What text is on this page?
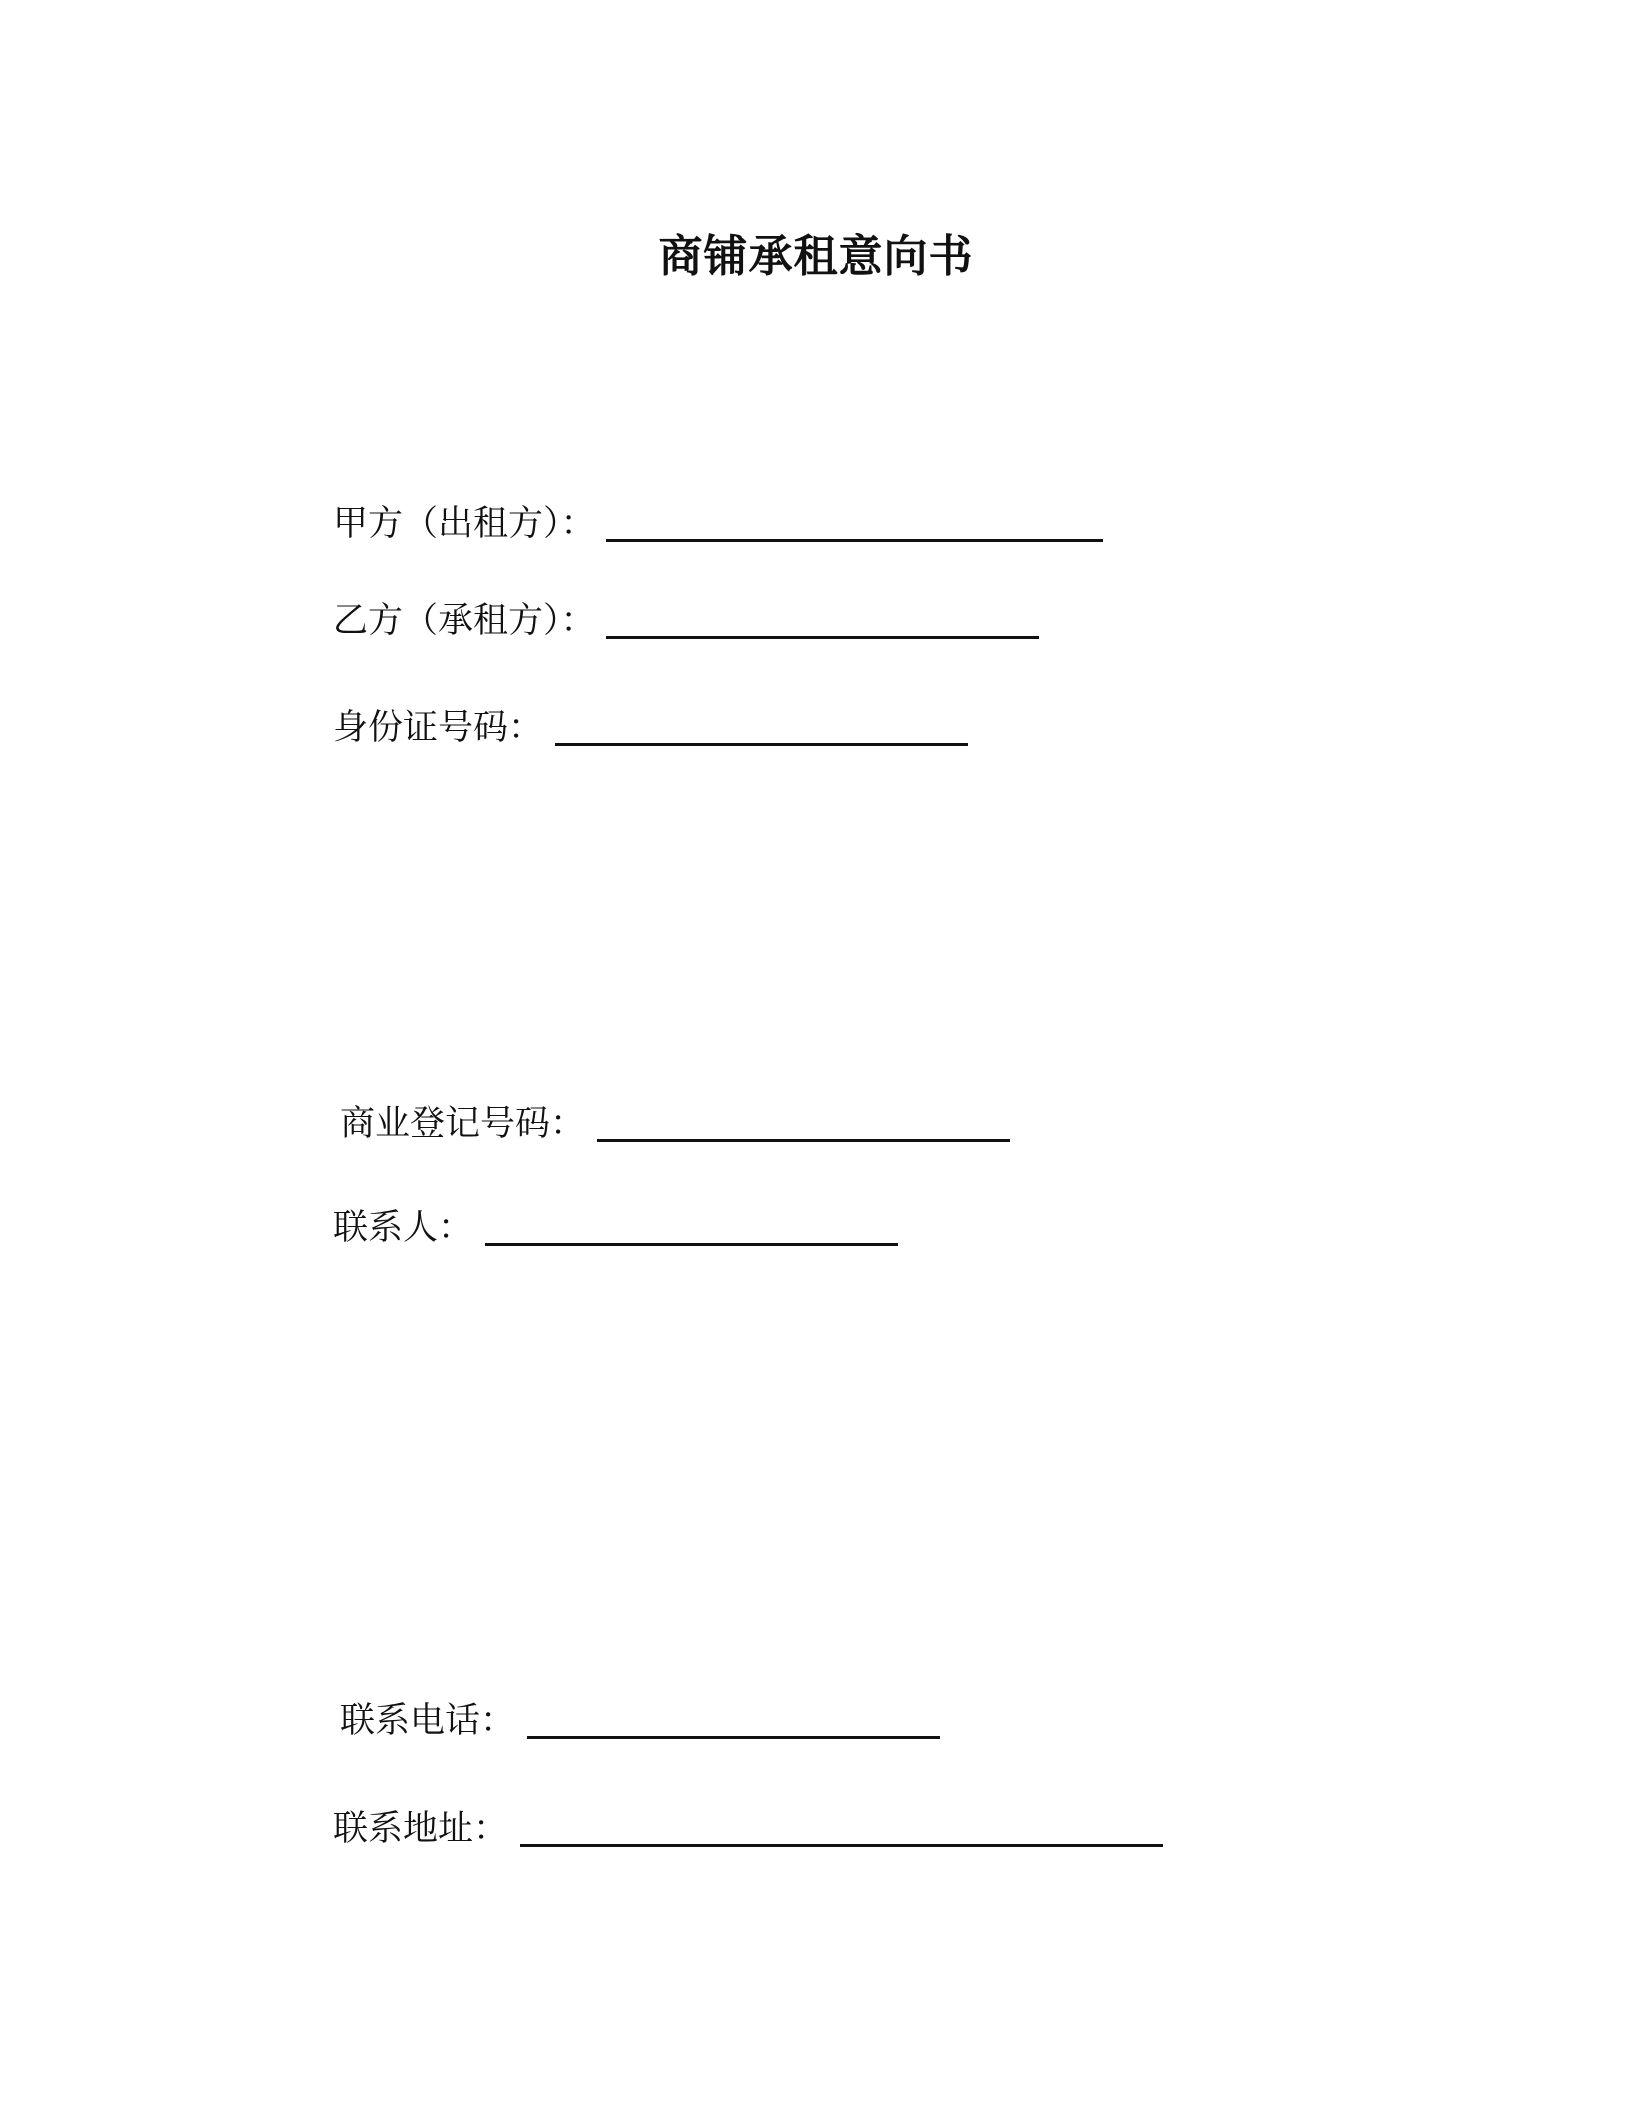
商铺承租意向书
甲方（出租方）：
乙方（承租方）：
身份证号码：
商业登记号码：
联系人：
联系电话：
联系地址：
